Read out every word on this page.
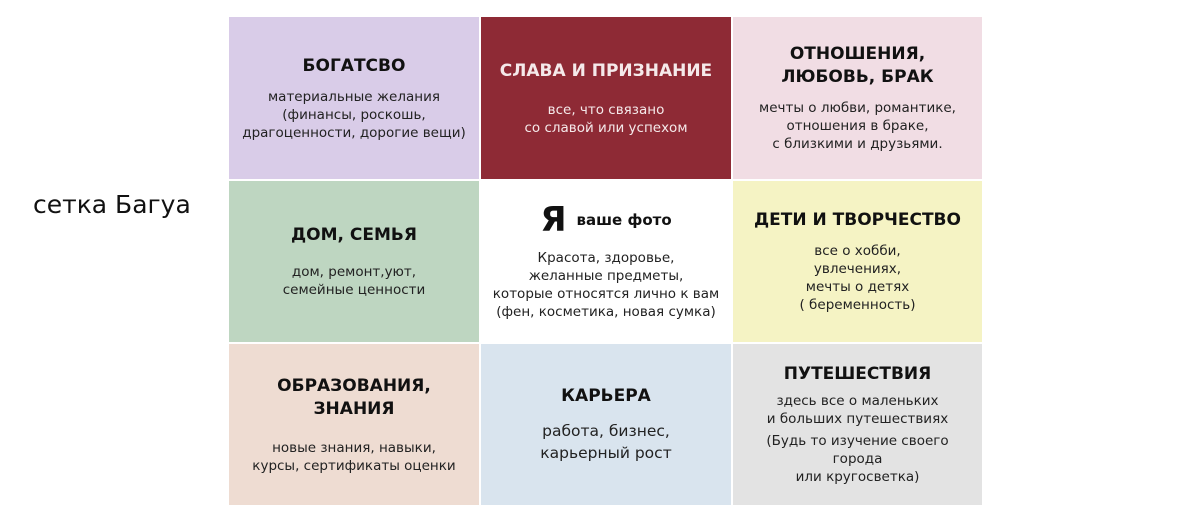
сетка Багуа
БОГАТСВО
материальные желания
(финансы, роскошь,
драгоценности, дорогие вещи)
СЛАВА И ПРИЗНАНИЕ
все, что связано
со славой или успехом
ОТНОШЕНИЯ,
ЛЮБОВЬ, БРАК
мечты о любви, романтике,
отношения в браке,
с близкими и друзьями.
ДОМ, СЕМЬЯ
дом, ремонт,уют,
семейные ценности
Я ваше фото
Красота, здоровье,
желанные предметы,
которые относятся лично к вам
(фен, косметика, новая сумка)
ДЕТИ И ТВОРЧЕСТВО
все о хобби,
увлечениях,
мечты о детях
( беременность)
ОБРАЗОВАНИЯ,
ЗНАНИЯ
новые знания, навыки,
курсы, сертификаты оценки
КАРЬЕРА
работа, бизнес,
карьерный рост
ПУТЕШЕСТВИЯ
здесь все о маленьких
и больших путешествиях
(Будь то изучение своего города
или кругосветка)
